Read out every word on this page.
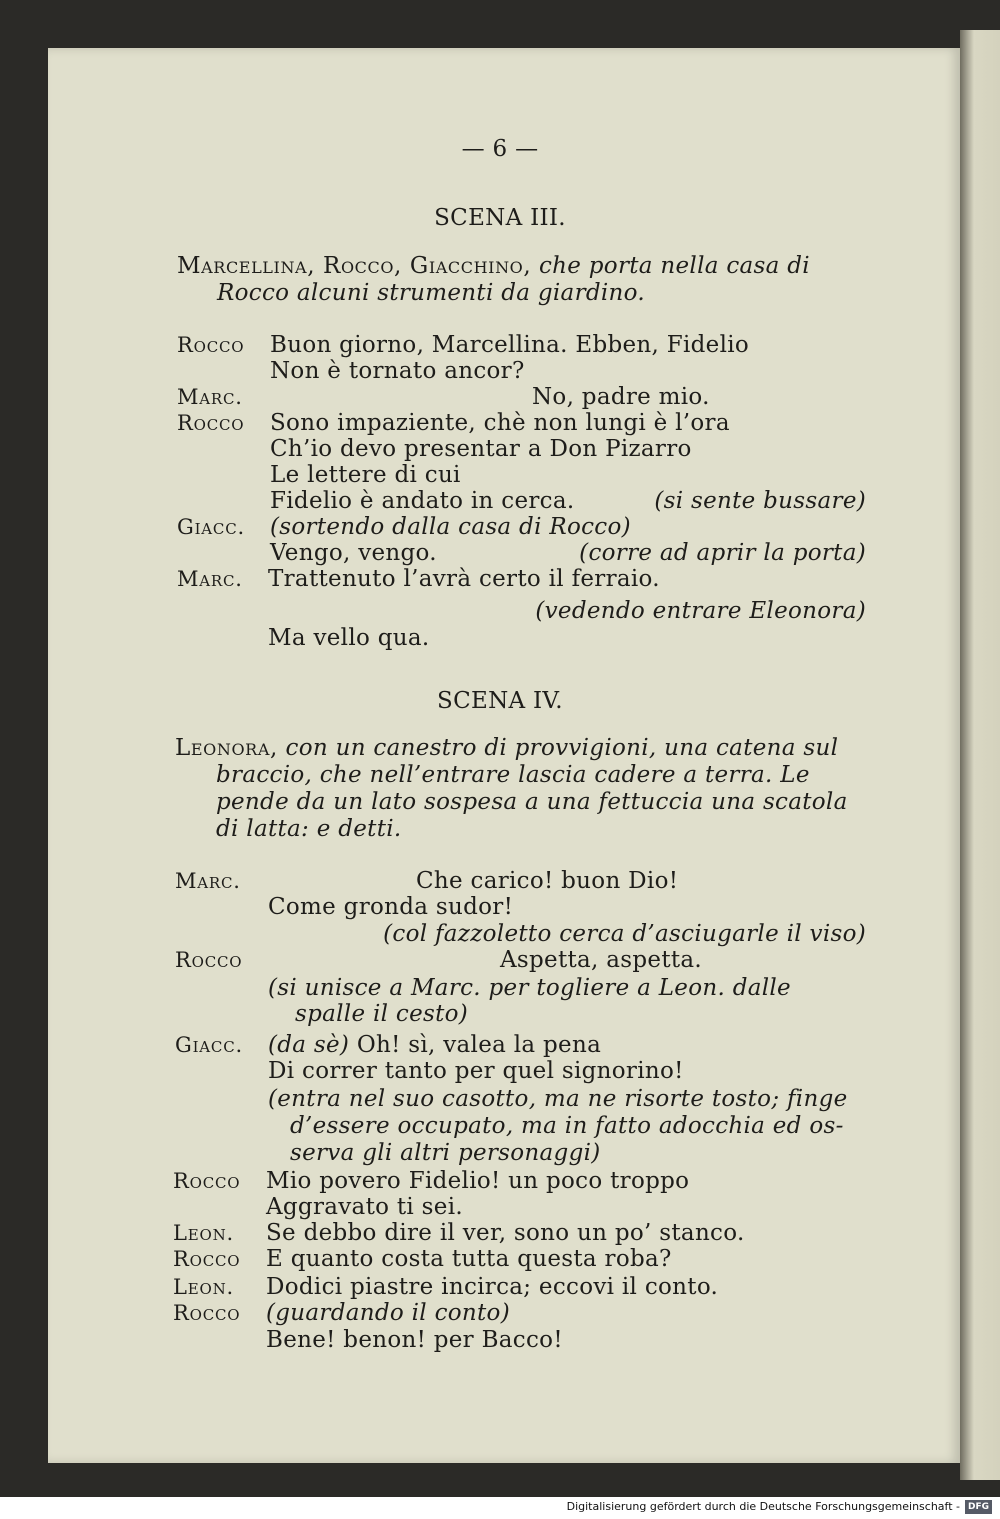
— 6 —
SCENA III.
Marcellina, Rocco, Giacchino, che porta nella casa di
Rocco alcuni strumenti da giardino.
Rocco Buon giorno, Marcellina. Ebben, Fidelio
Non è tornato ancor?
Marc.	No, padre mio.
Rocco Sono impaziente, chè non lungi è l’ora
Ch’io devo presentar a Don Pizarro
Le lettere di cui
Fidelio è andato in cerca.	(si sente bussare)
Giacc. (sortendo dalla casa di Rocco)
Vengo, vengo.	(corre ad aprir la porta)
Marc. Trattenuto l’avrà certo il ferraio.
(vedendo entrare Eleonora)
Ma vello qua.
SCENA IV.
Leonora, con un canestro di provvigioni, una catena sul
braccio, che nell’entrare lascia cadere a terra. Le
pende da un lato sospesa a una fettuccia una scatola
di latta: e detti.
Marc.	Che carico! buon Dio!
Come gronda sudor!
(col fazzoletto cerca d’asciugarle il viso)
Rocco	Aspetta, aspetta.
(si unisce a Marc. per togliere a Leon. dalle
spalle il cesto)
Giacc. (da sè) Oh! sì, valea la pena
Di correr tanto per quel signorino!
(entra nel suo casotto, ma ne risorte tosto; finge
d’essere occupato, ma in fatto adocchia ed os-
serva gli altri personaggi)
Rocco Mio povero Fidelio! un poco troppo
Aggravato ti sei.
Leon. Se debbo dire il ver, sono un po’ stanco.
Rocco E quanto costa tutta questa roba?
Leon. Dodici piastre incirca; eccovi il conto.
Rocco (guardando il conto)
Bene! benon! per Bacco!
Digitalisierung gefördert durch die Deutsche Forschungsgemeinschaft - DFG
